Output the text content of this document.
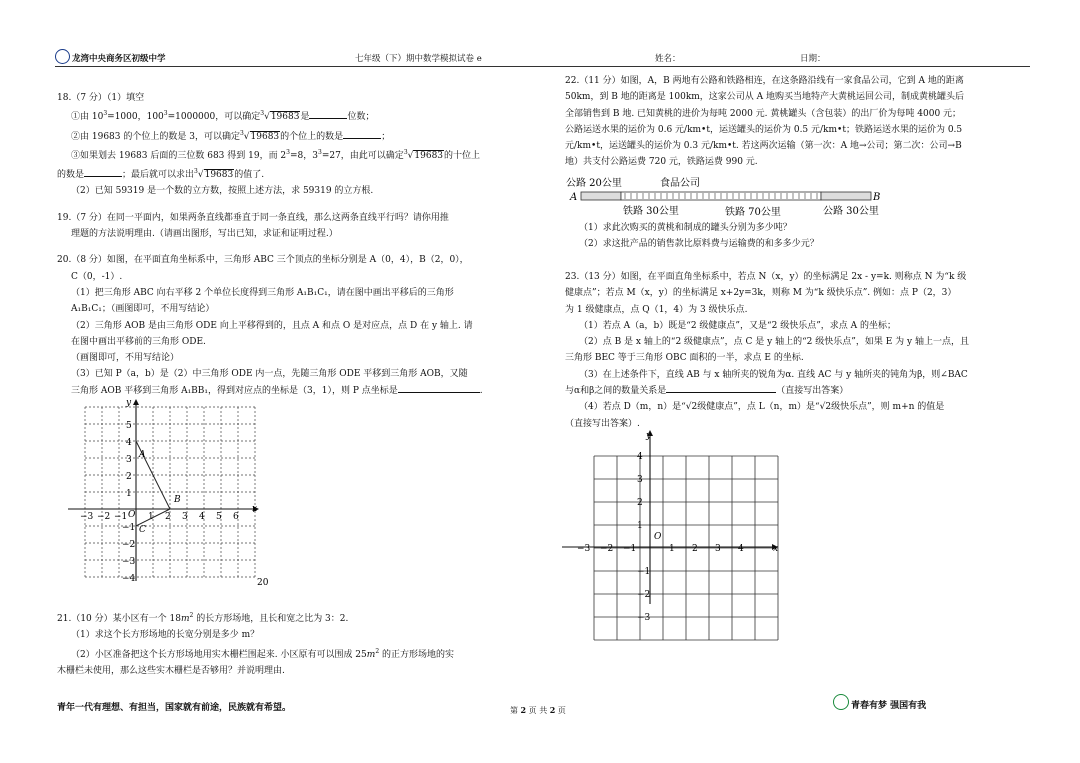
龙湾中央商务区初级中学	七年级（下）期中数学模拟试卷 e	姓名：	日期：

18.（7 分）（1）填空

①由 $10^3=1000$，$100^3=1000000$，可以确定$^3$√19683是	位数；

②由 19683 的个位上的数是 3，可以确定$^3$√19683的个位上的数是	；

③如果划去 19683 后面的三位数 683 得到 19，而 $2^3=8$，$3^3=27$，由此可以确定$^3$√19683的十位上

的数是	；最后就可以求出$^3$√19683的值了.

（2）已知 59319 是一个数的立方数，按照上述方法，求 59319 的立方根.

19.（7 分）在同一平面内，如果两条直线都垂直于同一条直线，那么这两条直线平行吗？请你用推

理题的方法说明理由.（请画出图形，写出已知，求证和证明过程.）

20.（8 分）如图，在平面直角坐标系中，三角形 ABC 三个顶点的坐标分别是 A（0，4），B（2，0），

C（0，-1）.

（1）把三角形 ABC 向右平移 2 个单位长度得到三角形 A₁B₁C₁，请在图中画出平移后的三角形

A₁B₁C₁；（画图即可，不用写结论）

（2）三角形 AOB 是由三角形 ODE 向上平移得到的，且点 A 和点 O 是对应点，点 D 在 y 轴上. 请

在图中画出平移前的三角形 ODE.

（画图即可，不用写结论）

（3）已知 P（a，b）是（2）中三角形 ODE 内一点，先随三角形 ODE 平移到三角形 AOB，又随

三角形 AOB 平移到三角形 A₁BB₁，得到对应点的坐标是（3，1），则 P 点坐标是	.

x
y
O
−3 −2 −1 1 2 3 4 5 6
5
4
3
2
1
−1
−2
−3
−4
A
B
C
20

21.（10 分）某小区有一个 $18m^2$ 的长方形场地，且长和宽之比为 3：2.

（1）求这个长方形场地的长宽分别是多少 m？

（2）小区准备把这个长方形场地用实木栅栏围起来. 小区原有可以围成 $25m^2$ 的正方形场地的实

木栅栏未使用，那么这些实木栅栏是否够用？并说明理由.

22.（11 分）如图，A，B 两地有公路和铁路相连，在这条路沿线有一家食品公司，它到 A 地的距离

50km，到 B 地的距离是 100km，这家公司从 A 地购买当地特产大黄桃运回公司，制成黄桃罐头后

全部销售到 B 地. 已知黄桃的进价为每吨 2000 元. 黄桃罐头（含包装）的出厂价为每吨 4000 元；

公路运送水果的运价为 0.6 元/km•t，运送罐头的运价为 0.5 元/km•t；铁路运送水果的运价为 0.5

元/km•t，运送罐头的运价为 0.3 元/km•t. 若这两次运输（第一次：A 地→公司；第二次：公司→B

地）共支付公路运费 720 元，铁路运费 990 元.

公路 20公里	食品公司
A	B
铁路 30公里	铁路 70公里	公路 30公里

（1）求此次购买的黄桃和制成的罐头分别为多少吨？

（2）求这批产品的销售款比原料费与运输费的和多多少元？

23.（13 分）如图，在平面直角坐标系中，若点 N（x，y）的坐标满足 2x - y=k. 则称点 N 为“k 级

健康点”；若点 M（x，y）的坐标满足 x+2y=3k，则称 M 为“k 级快乐点”. 例如：点 P（2，3）

为 1 级健康点，点 Q（1，4）为 3 级快乐点.

（1）若点 A（a，b）既是“2 级健康点”，又是“2 级快乐点”，求点 A 的坐标；

（2）点 B 是 x 轴上的“2 级健康点”，点 C 是 y 轴上的“2 级快乐点”，如果 E 为 y 轴上一点，且

三角形 BEC 等于三角形 OBC 面积的一半，求点 E 的坐标.

（3）在上述条件下，直线 AB 与 x 轴所夹的锐角为α. 直线 AC 与 y 轴所夹的钝角为β，则∠BAC

与α和β之间的数量关系是	（直接写出答案）

（4）若点 D（m，n）是“√2级健康点”，点 L（n，m）是“√2级快乐点”，则 m+n 的值是

（直接写出答案）.

x
y
O
−3 −2 −1	1 2 3 4
4
3
2
1
−1
−2
−3
青年一代有理想、有担当，国家就有前途，民族就有希望。	第 2 页 共 2 页	青春有梦 强国有我
